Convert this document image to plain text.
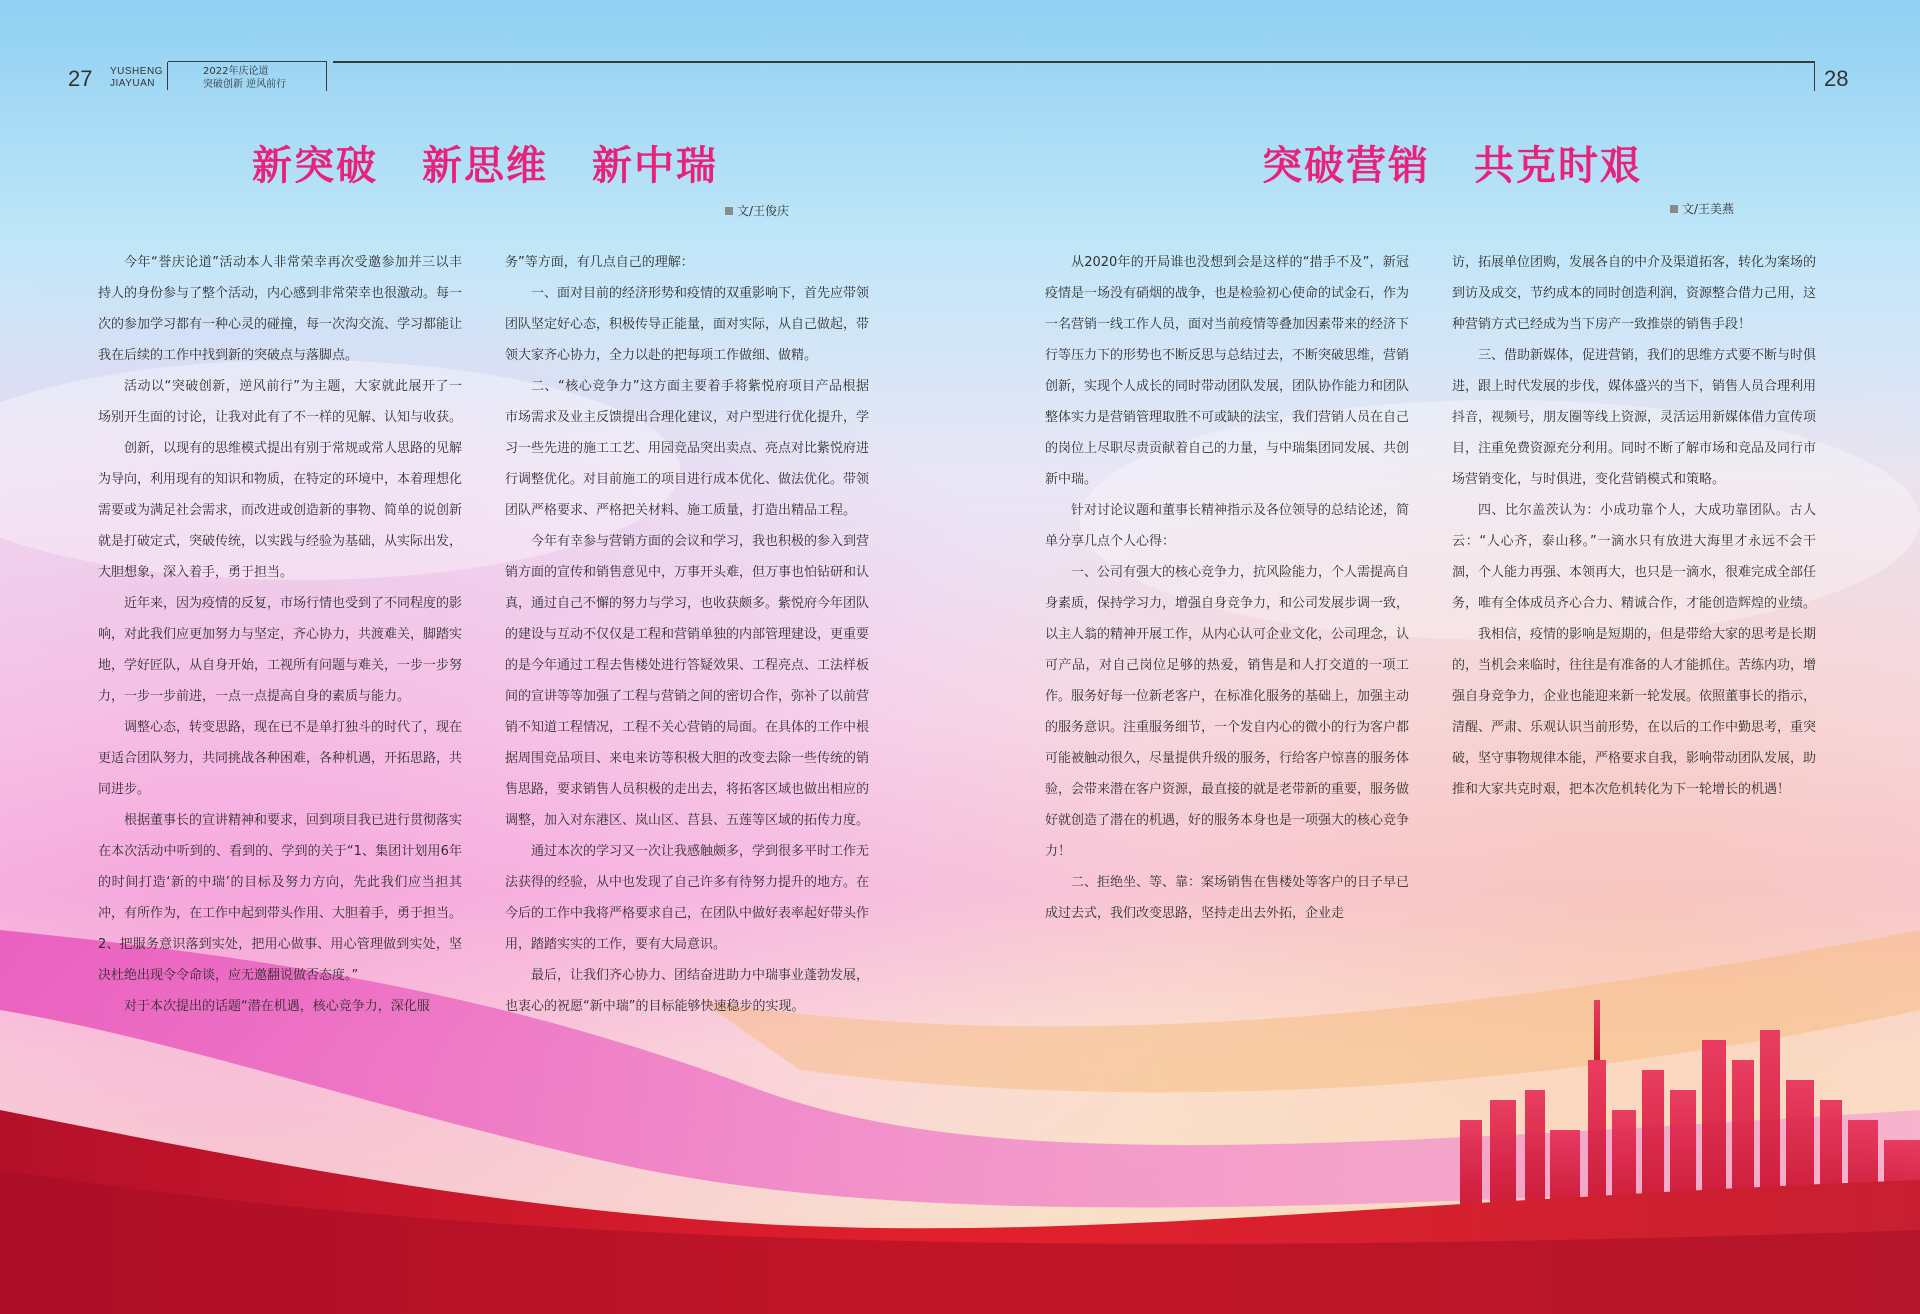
27 YUSHENG
JIAYUAN
2022年庆论道
突破创新 逆风前行	28
新突破 新思维 新中瑞
文/王俊庆

今年“誉庆论道”活动本人非常荣幸再次受邀参加并三以丰持人的身份参与了整个活动，内心感到非常荣幸也很激动。每一次的参加学习都有一种心灵的碰撞，每一次沟交流、学习都能让我在后续的工作中找到新的突破点与落脚点。

活动以“突破创新，逆风前行”为主题，大家就此展开了一场别开生面的讨论，让我对此有了不一样的见解、认知与收获。

创新，以现有的思维模式提出有别于常规或常人思路的见解为导向，利用现有的知识和物质，在特定的环境中，本着理想化需要或为满足社会需求，而改进或创造新的事物、简单的说创新就是打破定式，突破传统，以实践与经验为基础，从实际出发，大胆想象，深入着手，勇于担当。

近年来，因为疫情的反复，市场行情也受到了不同程度的影响，对此我们应更加努力与坚定，齐心协力，共渡难关，脚踏实地，学好匠队，从自身开始，工视所有问题与难关，一步一步努力，一步一步前进，一点一点提高自身的素质与能力。

调整心态，转变思路，现在已不是单打独斗的时代了，现在更适合团队努力，共同挑战各种困难，各种机遇，开拓思路，共同进步。

根据董事长的宣讲精神和要求，回到项目我已进行贯彻落实在本次活动中听到的、看到的、学到的关于“1、集团计划用6年的时间打造‘新的中瑞’的目标及努力方向，先此我们应当担其冲，有所作为，在工作中起到带头作用、大胆着手，勇于担当。2、把服务意识落到实处，把用心做事、用心管理做到实处，坚决杜绝出现令令命谈，应无邀翻说做否态度。”

对于本次提出的话题“潜在机遇，核心竞争力，深化服

务”等方面，有几点自己的理解：

一、面对目前的经济形势和疫情的双重影响下，首先应带领团队坚定好心态，积极传导正能量，面对实际，从自己做起，带领大家齐心协力，全力以赴的把每项工作做细、做精。

二、“核心竞争力”这方面主要着手将紫悦府项目产品根据市场需求及业主反馈提出合理化建议，对户型进行优化提升，学习一些先进的施工工艺、用园竞品突出卖点、亮点对比紫悦府进行调整优化。对目前施工的项目进行成本优化、做法优化。带领团队严格要求、严格把关材料、施工质量，打造出精品工程。

今年有幸参与营销方面的会议和学习，我也积极的参入到营销方面的宣传和销售意见中，万事开头难，但万事也怕钻研和认真，通过自己不懈的努力与学习，也收获颇多。紫悦府今年团队的建设与互动不仅仅是工程和营销单独的内部管理建设，更重要的是今年通过工程去售楼处进行答疑效果、工程亮点、工法样板间的宣讲等等加强了工程与营销之间的密切合作，弥补了以前营销不知道工程情况，工程不关心营销的局面。在具体的工作中根据周围竞品项目、来电来访等积极大胆的改变去除一些传统的销售思路，要求销售人员积极的走出去，将拓客区域也做出相应的调整，加入对东港区、岚山区、莒县、五莲等区域的拓传力度。

通过本次的学习又一次让我感触颇多，学到很多平时工作无法获得的经验，从中也发现了自己许多有待努力提升的地方。在今后的工作中我将严格要求自己，在团队中做好表率起好带头作用，踏踏实实的工作，要有大局意识。

最后，让我们齐心协力、团结奋进助力中瑞事业蓬勃发展，也衷心的祝愿“新中瑞”的目标能够快速稳步的实现。

突破营销 共克时艰
文/王美燕

从2020年的开局谁也没想到会是这样的“措手不及”，新冠疫情是一场没有硝烟的战争，也是检验初心使命的试金石，作为一名营销一线工作人员，面对当前疫情等叠加因素带来的经济下行等压力下的形势也不断反思与总结过去，不断突破思维，营销创新，实现个人成长的同时带动团队发展，团队协作能力和团队整体实力是营销管理取胜不可或缺的法宝，我们营销人员在自己的岗位上尽职尽责贡献着自己的力量，与中瑞集团同发展、共创新中瑞。

针对讨论议题和董事长精神指示及各位领导的总结论述，简单分享几点个人心得：

一、公司有强大的核心竞争力，抗风险能力，个人需提高自身素质，保持学习力，增强自身竞争力，和公司发展步调一致，以主人翁的精神开展工作，从内心认可企业文化，公司理念，认可产品，对自己岗位足够的热爱，销售是和人打交道的一项工作。服务好每一位新老客户，在标准化服务的基础上，加强主动的服务意识。注重服务细节，一个发自内心的微小的行为客户都可能被触动很久，尽量提供升级的服务，行给客户惊喜的服务体验，会带来潜在客户资源，最直接的就是老带新的重要，服务做好就创造了潜在的机遇，好的服务本身也是一项强大的核心竞争力！

二、拒绝坐、等、靠：案场销售在售楼处等客户的日子早已成过去式，我们改变思路，坚持走出去外拓，企业走

访，拓展单位团购，发展各自的中介及渠道拓客，转化为案场的到访及成交，节约成本的同时创造利润，资源整合借力己用，这种营销方式已经成为当下房产一致推崇的销售手段！

三、借助新媒体，促进营销，我们的思维方式要不断与时俱进，跟上时代发展的步伐，媒体盛兴的当下，销售人员合理利用抖音，视频号，朋友圈等线上资源，灵活运用新媒体借力宣传项目，注重免费资源充分利用。同时不断了解市场和竞品及同行市场营销变化，与时俱进，变化营销模式和策略。

四、比尔盖茨认为：小成功靠个人，大成功靠团队。古人云：“人心齐，泰山移。”一滴水只有放进大海里才永远不会干涸，个人能力再强、本领再大，也只是一滴水，很难完成全部任务，唯有全体成员齐心合力、精诚合作，才能创造辉煌的业绩。

我相信，疫情的影响是短期的，但是带给大家的思考是长期的，当机会来临时，往往是有准备的人才能抓住。苦练内功，增强自身竞争力，企业也能迎来新一轮发展。依照董事长的指示，清醒、严肃、乐观认识当前形势，在以后的工作中勤思考，重突破，坚守事物规律本能，严格要求自我，影响带动团队发展，助推和大家共克时艰，把本次危机转化为下一轮增长的机遇！
